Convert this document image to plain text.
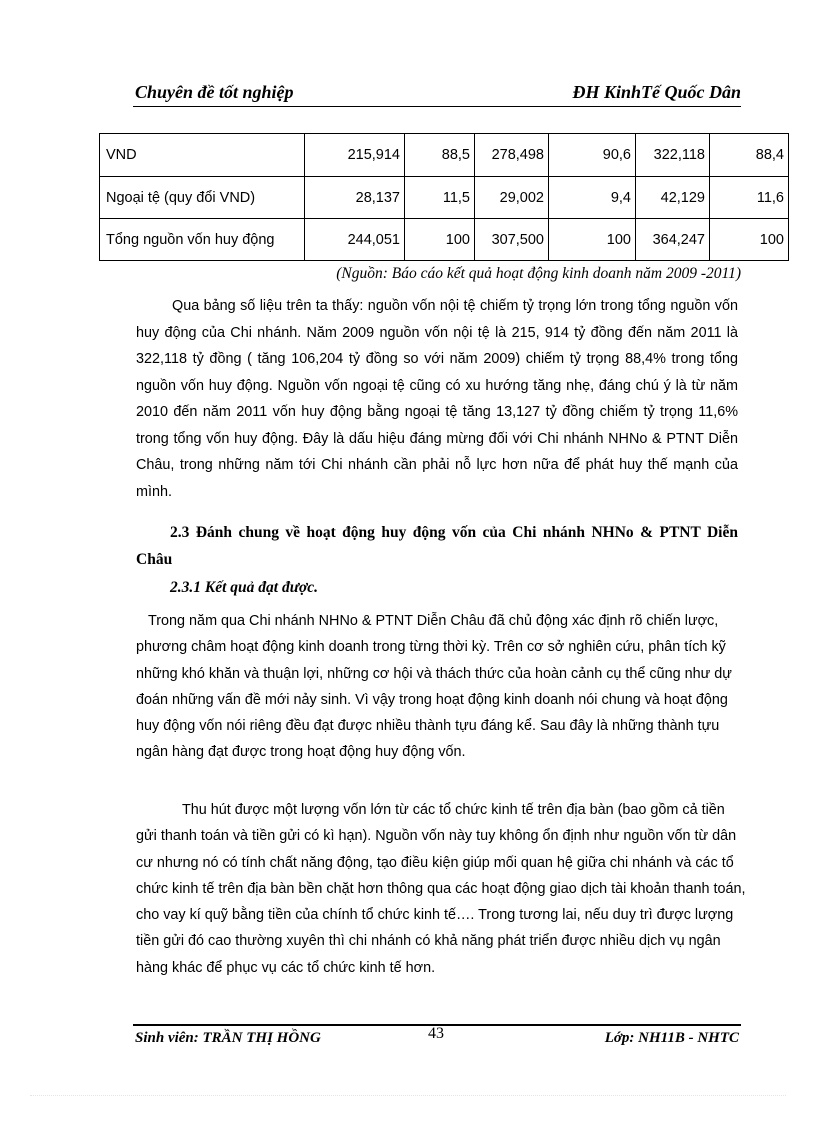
Chuyên đề tốt nghiệp	ĐH KinhTế Quốc Dân
VND	215,914	88,5	278,498	90,6	322,118	88,4
Ngoại tệ (quy đổi VND)	28,137	11,5	29,002	9,4	42,129	11,6
Tổng nguồn vốn huy động	244,051	100	307,500	100	364,247	100
(Nguồn: Báo cáo kết quả hoạt động kinh doanh năm 2009 -2011)
Qua bảng số liệu trên ta thấy: nguồn vốn nội tệ chiếm tỷ trọng lớn trong tổng nguồn vốn huy động của Chi nhánh. Năm 2009 nguồn vốn nội tệ là 215, 914 tỷ đồng đến năm 2011 là 322,118 tỷ đồng ( tăng 106,204 tỷ đồng so với năm 2009) chiếm tỷ trọng 88,4% trong tổng nguồn vốn huy động. Nguồn vốn ngoại tệ cũng có xu hướng tăng nhẹ, đáng chú ý là từ năm 2010 đến năm 2011 vốn huy động bằng ngoại tệ tăng 13,127 tỷ đồng chiếm tỷ trọng 11,6% trong tổng vốn huy động. Đây là dấu hiệu đáng mừng đối với Chi nhánh NHNo & PTNT Diễn Châu, trong những năm tới Chi nhánh cần phải nỗ lực hơn nữa để phát huy thế mạnh của mình.
2.3 Đánh chung về hoạt động huy động vốn của Chi nhánh NHNo & PTNT Diễn Châu
2.3.1 Kết quả đạt được.
Trong năm qua Chi nhánh NHNo & PTNT Diễn Châu đã chủ động xác định rõ chiến lược, phương châm hoạt động kinh doanh trong từng thời kỳ. Trên cơ sở nghiên cứu, phân tích kỹ những khó khăn và thuận lợi, những cơ hội và thách thức của hoàn cảnh cụ thể cũng như dự đoán những vấn đề mới nảy sinh. Vì vậy trong hoạt động kinh doanh nói chung và hoạt động huy động vốn nói riêng đều đạt được nhiều thành tựu đáng kể. Sau đây là những thành tựu ngân hàng đạt được trong hoạt động huy động vốn.
Thu hút được một lượng vốn lớn từ các tổ chức kinh tế trên địa bàn (bao gồm cả tiền gửi thanh toán và tiền gửi có kì hạn). Nguồn vốn này tuy không ổn định như nguồn vốn từ dân cư nhưng nó có tính chất năng động, tạo điều kiện giúp mối quan hệ giữa chi nhánh và các tổ chức kinh tế trên địa bàn bền chặt hơn thông qua các hoạt động giao dịch tài khoản thanh toán, cho vay kí quỹ bằng tiền của chính tổ chức kinh tế…. Trong tương lai, nếu duy trì được lượng tiền gửi đó cao thường xuyên thì chi nhánh có khả năng phát triển được nhiều dịch vụ ngân hàng khác để phục vụ các tổ chức kinh tế hơn.
Sinh viên: TRẦN THỊ HỒNG	43	Lớp: NH11B - NHTC
